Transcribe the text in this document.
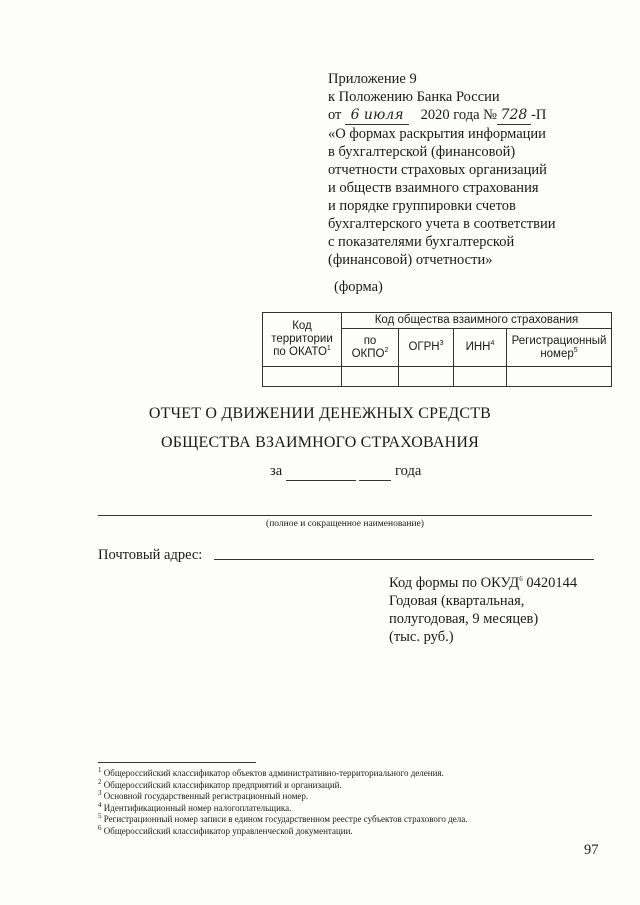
Приложение 9
к Положению Банка России
от 6 июля 2020 года № 728 -П
«О формах раскрытия информации
в бухгалтерской (финансовой)
отчетности страховых организаций
и обществ взаимного страхования
и порядке группировки счетов
бухгалтерского учета в соответствии
с показателями бухгалтерской
(финансовой) отчетности»
(форма)
Код территории по ОКАТО$^1$	Код общества взаимного страхования			
	по ОКПО$^2$	ОГРН$^3$	ИНН$^4$	Регистрационный номер$^5$

ОТЧЕТ О ДВИЖЕНИИ ДЕНЕЖНЫХ СРЕДСТВ
ОБЩЕСТВА ВЗАИМНОГО СТРАХОВАНИЯ
за	года
(полное и сокращенное наименование)
Почтовый адрес:
Код формы по ОКУД$^6$ 0420144
Годовая (квартальная,
полугодовая, 9 месяцев)
(тыс. руб.)
$^1$ Общероссийский классификатор объектов административно-территориального деления.
$^2$ Общероссийский классификатор предприятий и организаций.
$^3$ Основной государственный регистрационный номер.
$^4$ Идентификационный номер налогоплательщика.
$^5$ Регистрационный номер записи в едином государственном реестре субъектов страхового дела.
$^6$ Общероссийский классификатор управленческой документации.
97
